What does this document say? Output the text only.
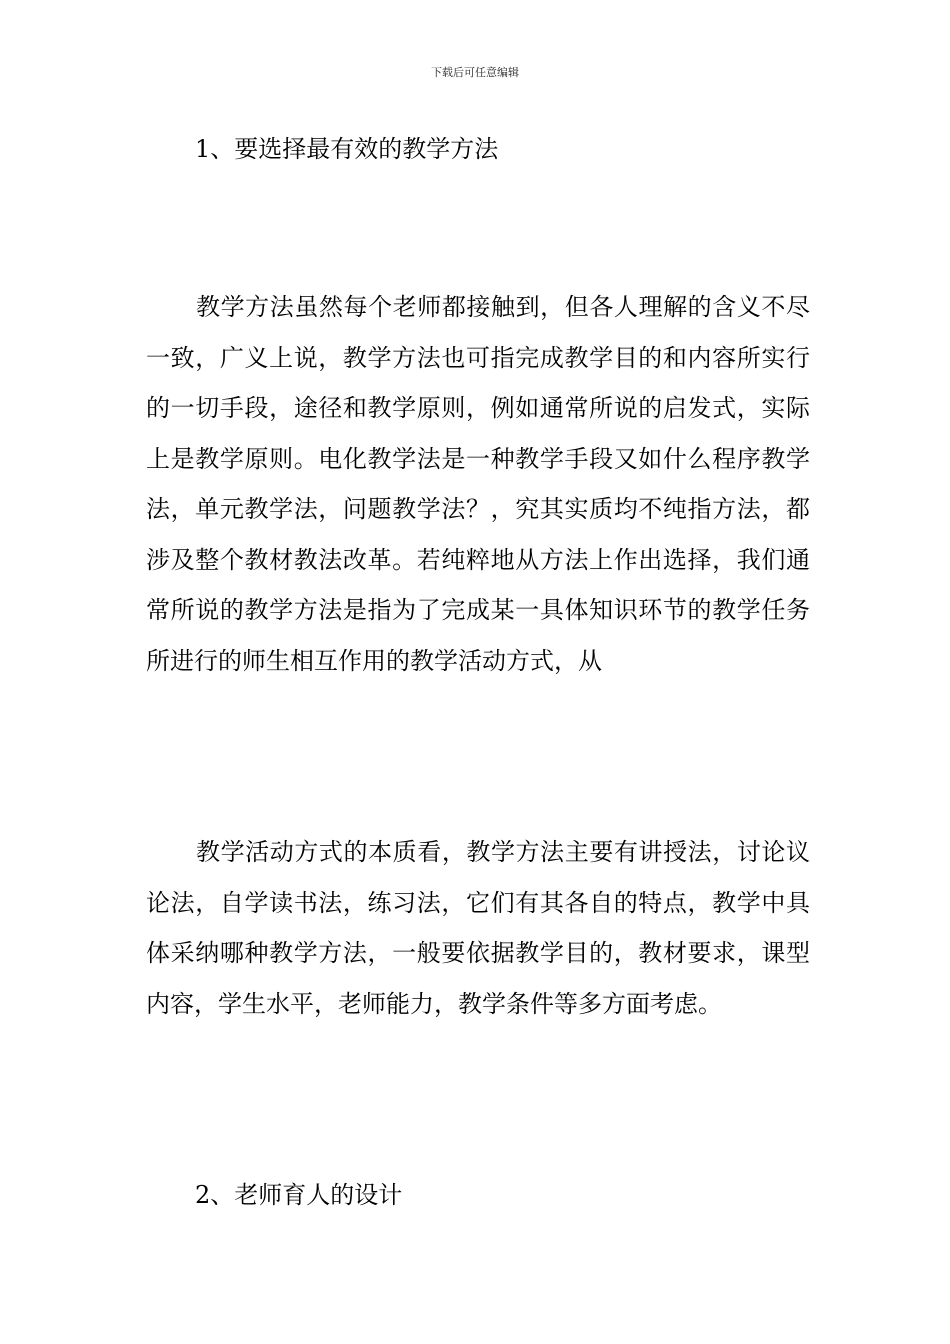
下载后可任意编辑
1、要选择最有效的教学方法

教学方法虽然每个老师都接触到，但各人理解的含义不尽一致，广义上说，教学方法也可指完成教学目的和内容所实行的一切手段，途径和教学原则，例如通常所说的启发式，实际上是教学原则。电化教学法是一种教学手段又如什么程序教学法，单元教学法，问题教学法？，究其实质均不纯指方法，都涉及整个教材教法改革。若纯粹地从方法上作出选择，我们通常所说的教学方法是指为了完成某一具体知识环节的教学任务所进行的师生相互作用的教学活动方式，从

教学活动方式的本质看，教学方法主要有讲授法，讨论议论法，自学读书法，练习法，它们有其各自的特点，教学中具体采纳哪种教学方法，一般要依据教学目的，教材要求，课型内容，学生水平，老师能力，教学条件等多方面考虑。

2、老师育人的设计
